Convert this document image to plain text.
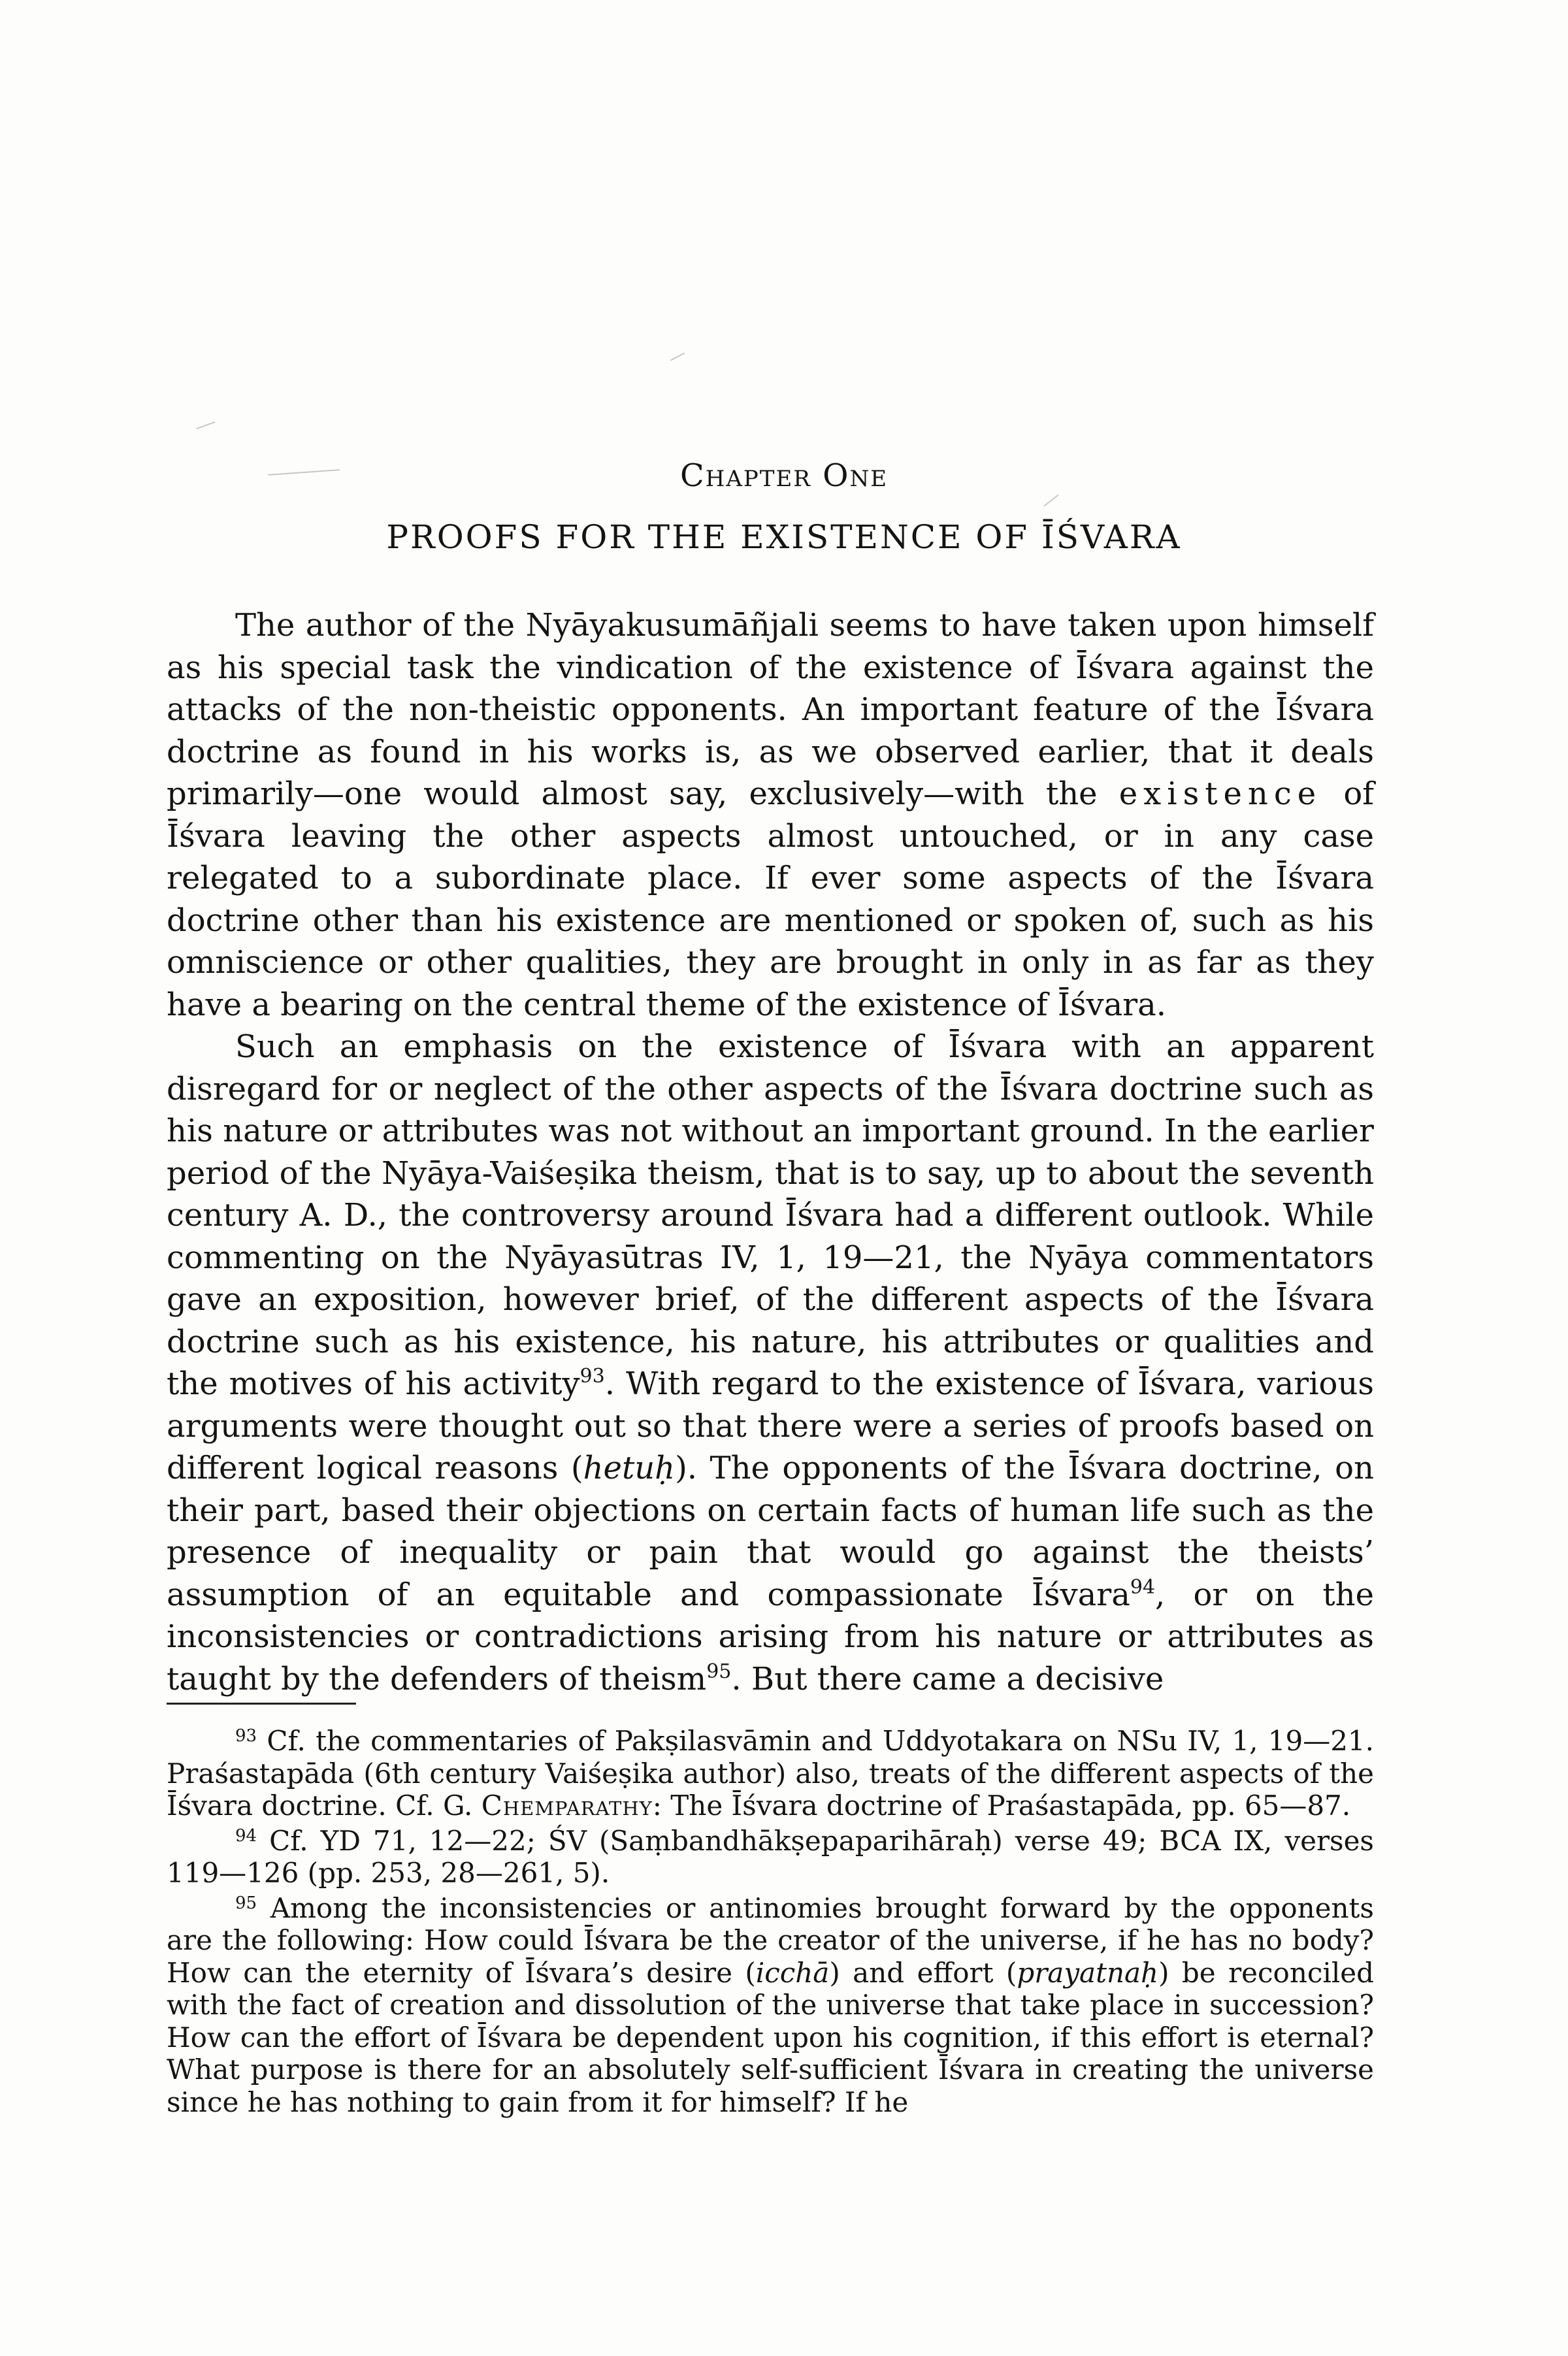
Chapter One
PROOFS FOR THE EXISTENCE OF ĪŚVARA

The author of the Nyāyakusumāñjali seems to have taken upon himself as his special task the vindication of the existence of Īśvara against the attacks of the non-theistic opponents. An important feature of the Īśvara doctrine as found in his works is, as we observed earlier, that it deals primarily—one would almost say, exclusively—with the existence of Īśvara leaving the other aspects almost untouched, or in any case relegated to a subordinate place. If ever some aspects of the Īśvara doctrine other than his existence are mentioned or spoken of, such as his omniscience or other qualities, they are brought in only in as far as they have a bearing on the central theme of the existence of Īśvara.

Such an emphasis on the existence of Īśvara with an apparent disregard for or neglect of the other aspects of the Īśvara doctrine such as his nature or attributes was not without an important ground. In the earlier period of the Nyāya-Vaiśeṣika theism, that is to say, up to about the seventh century A. D., the controversy around Īśvara had a different outlook. While commenting on the Nyāyasūtras IV, 1, 19—21, the Nyāya commentators gave an exposition, however brief, of the different aspects of the Īśvara doctrine such as his existence, his nature, his attributes or qualities and the motives of his activity$^{93}$. With regard to the existence of Īśvara, various arguments were thought out so that there were a series of proofs based on different logical reasons (hetuḥ). The opponents of the Īśvara doctrine, on their part, based their objections on certain facts of human life such as the presence of inequality or pain that would go against the theists’ assumption of an equitable and compassionate Īśvara$^{94}$, or on the inconsistencies or contradictions arising from his nature or attributes as taught by the defenders of theism$^{95}$. But there came a decisive

$^{93}$ Cf. the commentaries of Pakṣilasvāmin and Uddyotakara on NSu IV, 1, 19—21. Praśastapāda (6th century Vaiśeṣika author) also, treats of the different aspects of the Īśvara doctrine. Cf. G. Chemparathy: The Īśvara doctrine of Praśastapāda, pp. 65—87.

$^{94}$ Cf. YD 71, 12—22; ŚV (Saṃbandhākṣepaparihāraḥ) verse 49; BCA IX, verses 119—126 (pp. 253, 28—261, 5).

$^{95}$ Among the inconsistencies or antinomies brought forward by the opponents are the following: How could Īśvara be the creator of the universe, if he has no body? How can the eternity of Īśvara’s desire (icchā) and effort (prayatnaḥ) be reconciled with the fact of creation and dissolution of the universe that take place in succession? How can the effort of Īśvara be dependent upon his cognition, if this effort is eternal? What purpose is there for an absolutely self-sufficient Īśvara in creating the universe since he has nothing to gain from it for himself? If he
